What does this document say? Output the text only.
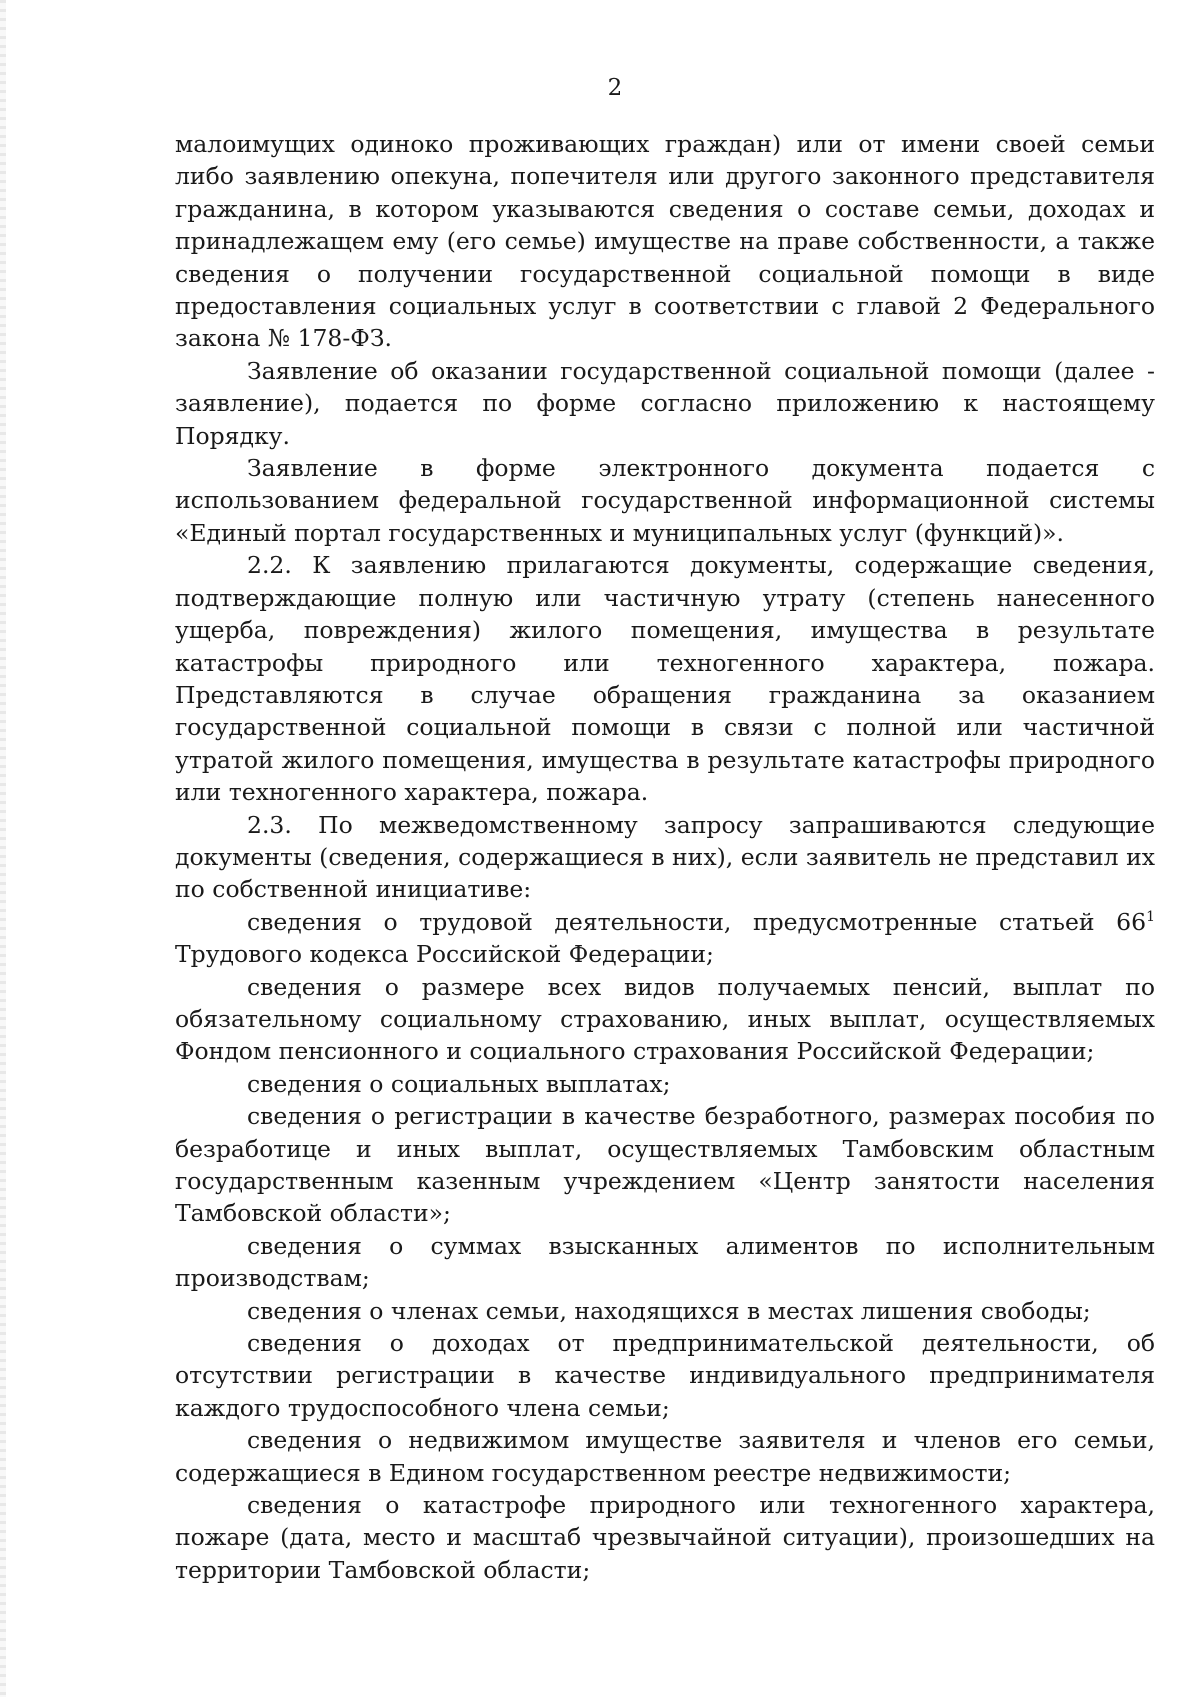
2

малоимущих одиноко проживающих граждан) или от имени своей семьи либо заявлению опекуна, попечителя или другого законного представителя гражданина, в котором указываются сведения о составе семьи, доходах и принадлежащем ему (его семье) имуществе на праве собственности, а также сведения о получении государственной социальной помощи в виде предоставления социальных услуг в соответствии с главой 2 Федерального закона № 178-ФЗ.

Заявление об оказании государственной социальной помощи (далее - заявление), подается по форме согласно приложению к настоящему Порядку.

Заявление в форме электронного документа подается с использованием федеральной государственной информационной системы «Единый портал государственных и муниципальных услуг (функций)».

2.2. К заявлению прилагаются документы, содержащие сведения, подтверждающие полную или частичную утрату (степень нанесенного ущерба, повреждения) жилого помещения, имущества в результате катастрофы природного или техногенного характера, пожара. Представляются в случае обращения гражданина за оказанием государственной социальной помощи в связи с полной или частичной утратой жилого помещения, имущества в результате катастрофы природного или техногенного характера, пожара.

2.3. По межведомственному запросу запрашиваются следующие документы (сведения, содержащиеся в них), если заявитель не представил их по собственной инициативе:

сведения о трудовой деятельности, предусмотренные статьей $66^1$ Трудового кодекса Российской Федерации;

сведения о размере всех видов получаемых пенсий, выплат по обязательному социальному страхованию, иных выплат, осуществляемых Фондом пенсионного и социального страхования Российской Федерации;

сведения о социальных выплатах;

сведения о регистрации в качестве безработного, размерах пособия по безработице и иных выплат, осуществляемых Тамбовским областным государственным казенным учреждением «Центр занятости населения Тамбовской области»;

сведения о суммах взысканных алиментов по исполнительным производствам;

сведения о членах семьи, находящихся в местах лишения свободы;

сведения о доходах от предпринимательской деятельности, об отсутствии регистрации в качестве индивидуального предпринимателя каждого трудоспособного члена семьи;

сведения о недвижимом имуществе заявителя и членов его семьи, содержащиеся в Едином государственном реестре недвижимости;

сведения о катастрофе природного или техногенного характера, пожаре (дата, место и масштаб чрезвычайной ситуации), произошедших на территории Тамбовской области;
